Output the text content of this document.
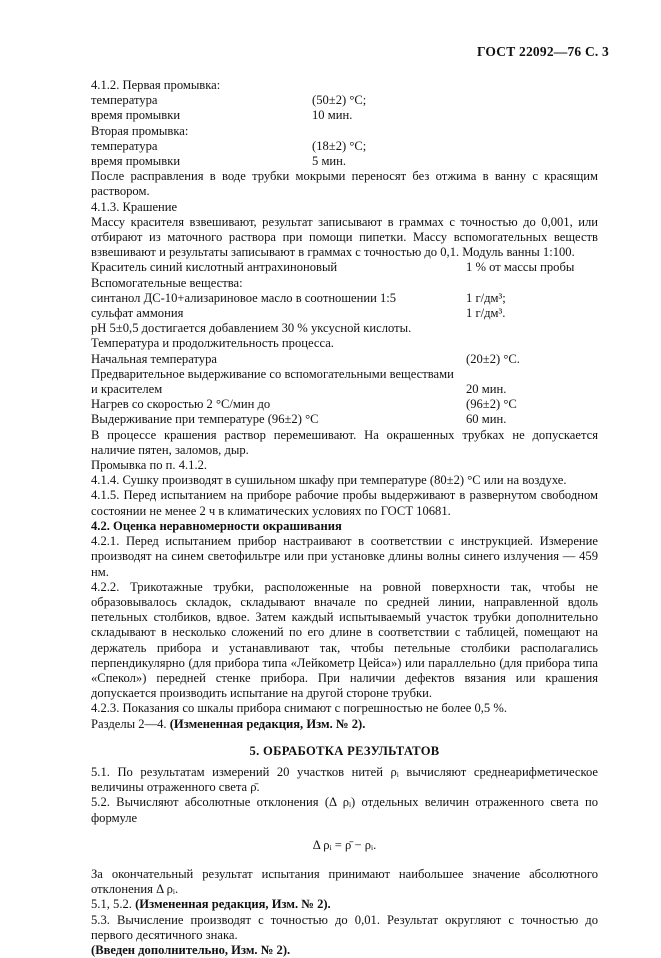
ГОСТ 22092—76 С. 3
4.1.2. Первая промывка:
температура	(50±2) °С;
время промывки	10 мин.
Вторая промывка:
температура	(18±2) °С;
время промывки	5 мин.
После расправления в воде трубки мокрыми переносят без отжима в ванну с красящим раствором.
4.1.3. Крашение
Массу красителя взвешивают, результат записывают в граммах с точностью до 0,001, или отбирают из маточного раствора при помощи пипетки. Массу вспомогательных веществ взвешивают и результаты записывают в граммах с точностью до 0,1. Модуль ванны 1:100.
Краситель синий кислотный антрахиноновый	1 % от массы пробы
Вспомогательные вещества:
синтанол ДС-10+ализариновое масло в соотношении 1:5	1 г/дм³;
сульфат аммония	1 г/дм³.
рН 5±0,5 достигается добавлением 30 % уксусной кислоты.
Температура и продолжительность процесса.
Начальная температура	(20±2) °С.
Предварительное выдерживание со вспомогательными веществами
и красителем	20 мин.
Нагрев со скоростью 2 °С/мин до	(96±2) °С
Выдерживание при температуре (96±2) °С	60 мин.
В процессе крашения раствор перемешивают. На окрашенных трубках не допускается наличие пятен, заломов, дыр.
Промывка по п. 4.1.2.
4.1.4. Сушку производят в сушильном шкафу при температуре (80±2) °С или на воздухе.
4.1.5. Перед испытанием на приборе рабочие пробы выдерживают в развернутом свободном состоянии не менее 2 ч в климатических условиях по ГОСТ 10681.
4.2. Оценка неравномерности окрашивания
4.2.1. Перед испытанием прибор настраивают в соответствии с инструкцией. Измерение производят на синем светофильтре или при установке длины волны синего излучения — 459 нм.
4.2.2. Трикотажные трубки, расположенные на ровной поверхности так, чтобы не образовывалось складок, складывают вначале по средней линии, направленной вдоль петельных столбиков, вдвое. Затем каждый испытываемый участок трубки дополнительно складывают в несколько сложений по его длине в соответствии с таблицей, помещают на держатель прибора и устанавливают так, чтобы петельные столбики располагались перпендикулярно (для прибора типа «Лейкометр Цейса») или параллельно (для прибора типа «Спекол») передней стенке прибора. При наличии дефектов вязания или крашения допускается производить испытание на другой стороне трубки.
4.2.3. Показания со шкалы прибора снимают с погрешностью не более 0,5 %.
Разделы 2—4. (Измененная редакция, Изм. № 2).
5. ОБРАБОТКА РЕЗУЛЬТАТОВ
5.1. По результатам измерений 20 участков нитей ρᵢ вычисляют среднеарифметическое величины отраженного света ρ̄.
5.2. Вычисляют абсолютные отклонения (Δ ρᵢ) отдельных величин отраженного света по формуле
Δ ρᵢ = ρ̄ − ρᵢ.
За окончательный результат испытания принимают наибольшее значение абсолютного отклонения Δ ρᵢ.
5.1, 5.2. (Измененная редакция, Изм. № 2).
5.3. Вычисление производят с точностью до 0,01. Результат округляют с точностью до первого десятичного знака.
(Введен дополнительно, Изм. № 2).
